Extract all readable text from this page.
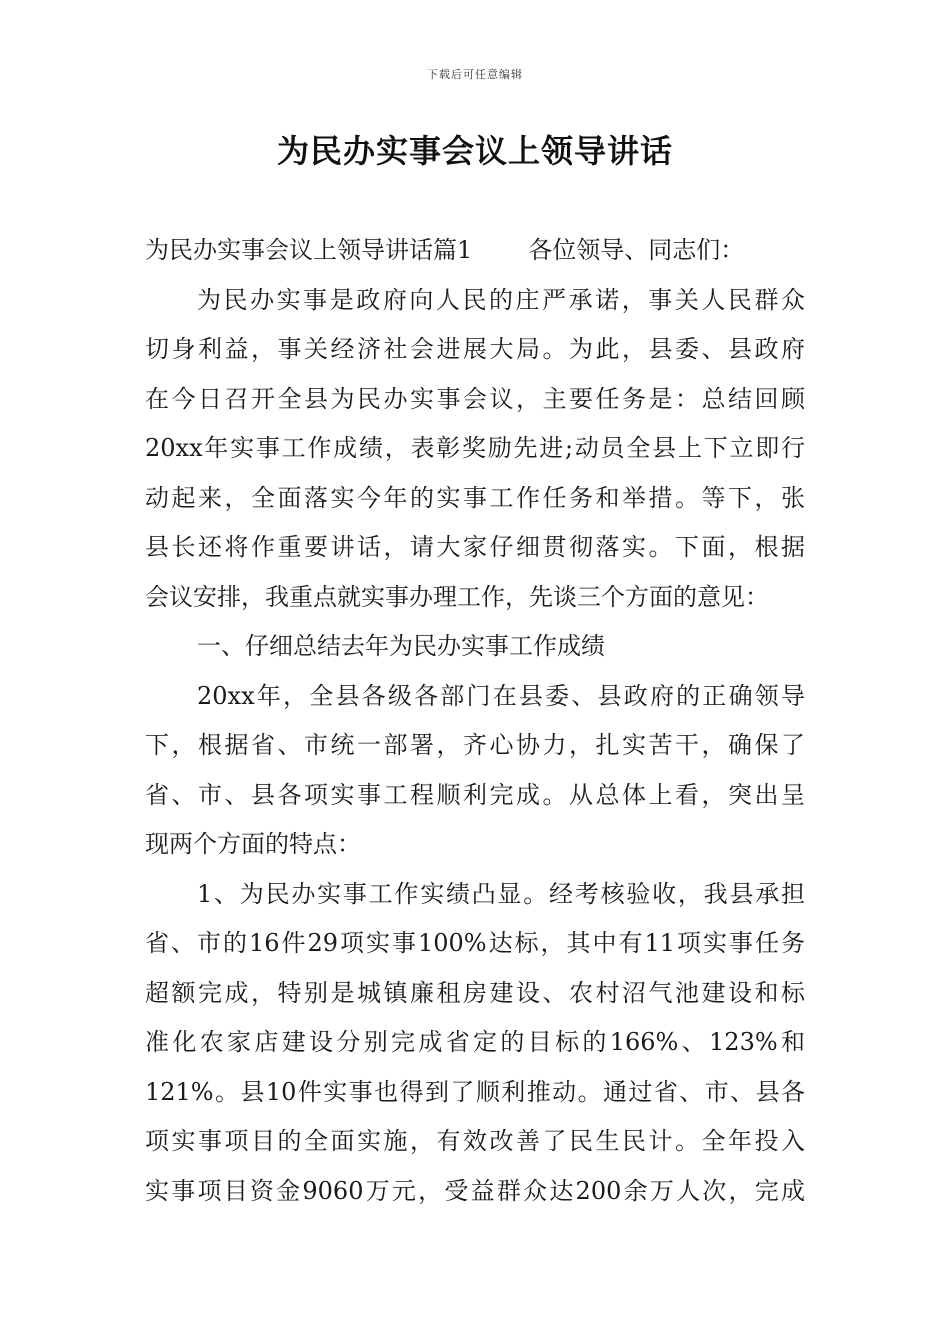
下载后可任意编辑
为民办实事会议上领导讲话
为民办实事会议上领导讲话篇1 各位领导、同志们：
为民办实事是政府向人民的庄严承诺，事关人民群众
切身利益，事关经济社会进展大局。为此，县委、县政府
在今日召开全县为民办实事会议，主要任务是：总结回顾
20xx年实事工作成绩，表彰奖励先进;动员全县上下立即行
动起来，全面落实今年的实事工作任务和举措。等下，张
县长还将作重要讲话，请大家仔细贯彻落实。下面，根据
会议安排，我重点就实事办理工作，先谈三个方面的意见：
一、仔细总结去年为民办实事工作成绩
20xx年，全县各级各部门在县委、县政府的正确领导
下，根据省、市统一部署，齐心协力，扎实苦干，确保了
省、市、县各项实事工程顺利完成。从总体上看，突出呈
现两个方面的特点：
1、为民办实事工作实绩凸显。经考核验收，我县承担
省、市的16件29项实事100%达标，其中有11项实事任务
超额完成，特别是城镇廉租房建设、农村沼气池建设和标
准化农家店建设分别完成省定的目标的166%、123%和
121%。县10件实事也得到了顺利推动。通过省、市、县各
项实事项目的全面实施，有效改善了民生民计。全年投入
实事项目资金9060万元，受益群众达200余万人次，完成
